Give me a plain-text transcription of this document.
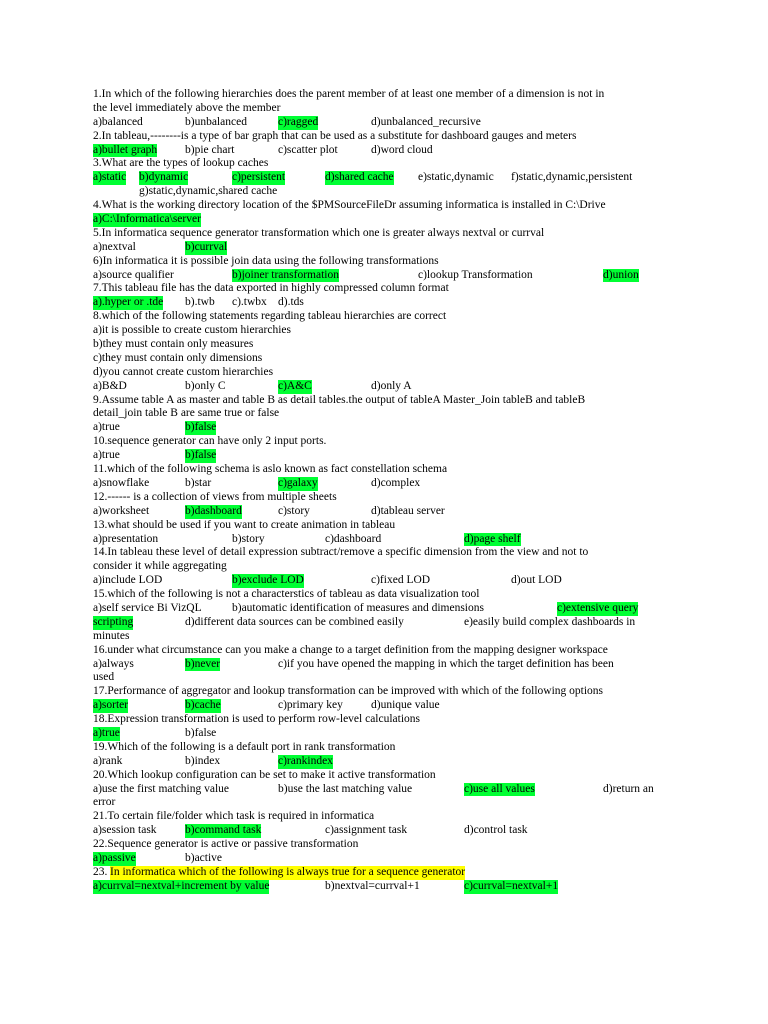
1.In which of the following hierarchies does the parent member of at least one member of a dimension is not in
the level immediately above the member
a)balanced	b)unbalanced	c)ragged	d)unbalanced_recursive
2.In tableau,--------is a type of bar graph that can be used as a substitute for dashboard gauges and meters
a)bullet graph b)pie chart	c)scatter plot	d)word cloud
3.What are the types of lookup caches
a)static b)dynamic	c)persistent	d)shared cache e)static,dynamic f)static,dynamic,persistent
g)static,dynamic,shared cache
4.What is the working directory location of the $PMSourceFileDr assuming informatica is installed in C:\Drive
a)C:\Informatica\server
5.In informatica sequence generator transformation which one is greater always nextval or currval
a)nextval	b)currval
6)In informatica it is possible join data using the following transformations
a)source qualifier	b)joiner transformation	c)lookup Transformation	d)union
7.This tableau file has the data exported in highly compressed column format
a).hyper or .tde b).twb c).twbx d).tds
8.which of the following statements regarding tableau hierarchies are correct
a)it is possible to create custom hierarchies
b)they must contain only measures
c)they must contain only dimensions
d)you cannot create custom hierarchies
a)B&D	b)only C	c)A&C	d)only A
9.Assume table A as master and table B as detail tables.the output of tableA Master_Join tableB and tableB
detail_join table B are same true or false
a)true	b)false
10.sequence generator can have only 2 input ports.
a)true	b)false
11.which of the following schema is aslo known as fact constellation schema
a)snowflake	b)star	c)galaxy	d)complex
12.------ is a collection of views from multiple sheets
a)worksheet	b)dashboard	c)story	d)tableau server
13.what should be used if you want to create animation in tableau
a)presentation	b)story	c)dashboard	d)page shelf
14.In tableau these level of detail expression subtract/remove a specific dimension from the view and not to
consider it while aggregating
a)include LOD	b)exclude LOD	c)fixed LOD	d)out LOD
15.which of the following is not a characterstics of tableau as data visualization tool
a)self service Bi VizQL	b)automatic identification of measures and dimensions	c)extensive query
scripting	d)different data sources can be combined easily	e)easily build complex dashboards in
minutes
16.under what circumstance can you make a change to a target definition from the mapping designer workspace
a)always	b)never	c)if you have opened the mapping in which the target definition has been
used
17.Performance of aggregator and lookup transformation can be improved with which of the following options
a)sorter	b)cache	c)primary key d)unique value
18.Expression transformation is used to perform row-level calculations
a)true	b)false
19.Which of the following is a default port in rank transformation
a)rank	b)index	c)rankindex
20.Which lookup configuration can be set to make it active transformation
a)use the first matching value	b)use the last matching value	c)use all values	d)return an
error
21.To certain file/folder which task is required in informatica
a)session task b)command task	c)assignment task	d)control task
22.Sequence generator is active or passive transformation
a)passive	b)active
23. In informatica which of the following is always true for a sequence generator
a)currval=nextval+increment by value	b)nextval=currval+1	c)currval=nextval+1
